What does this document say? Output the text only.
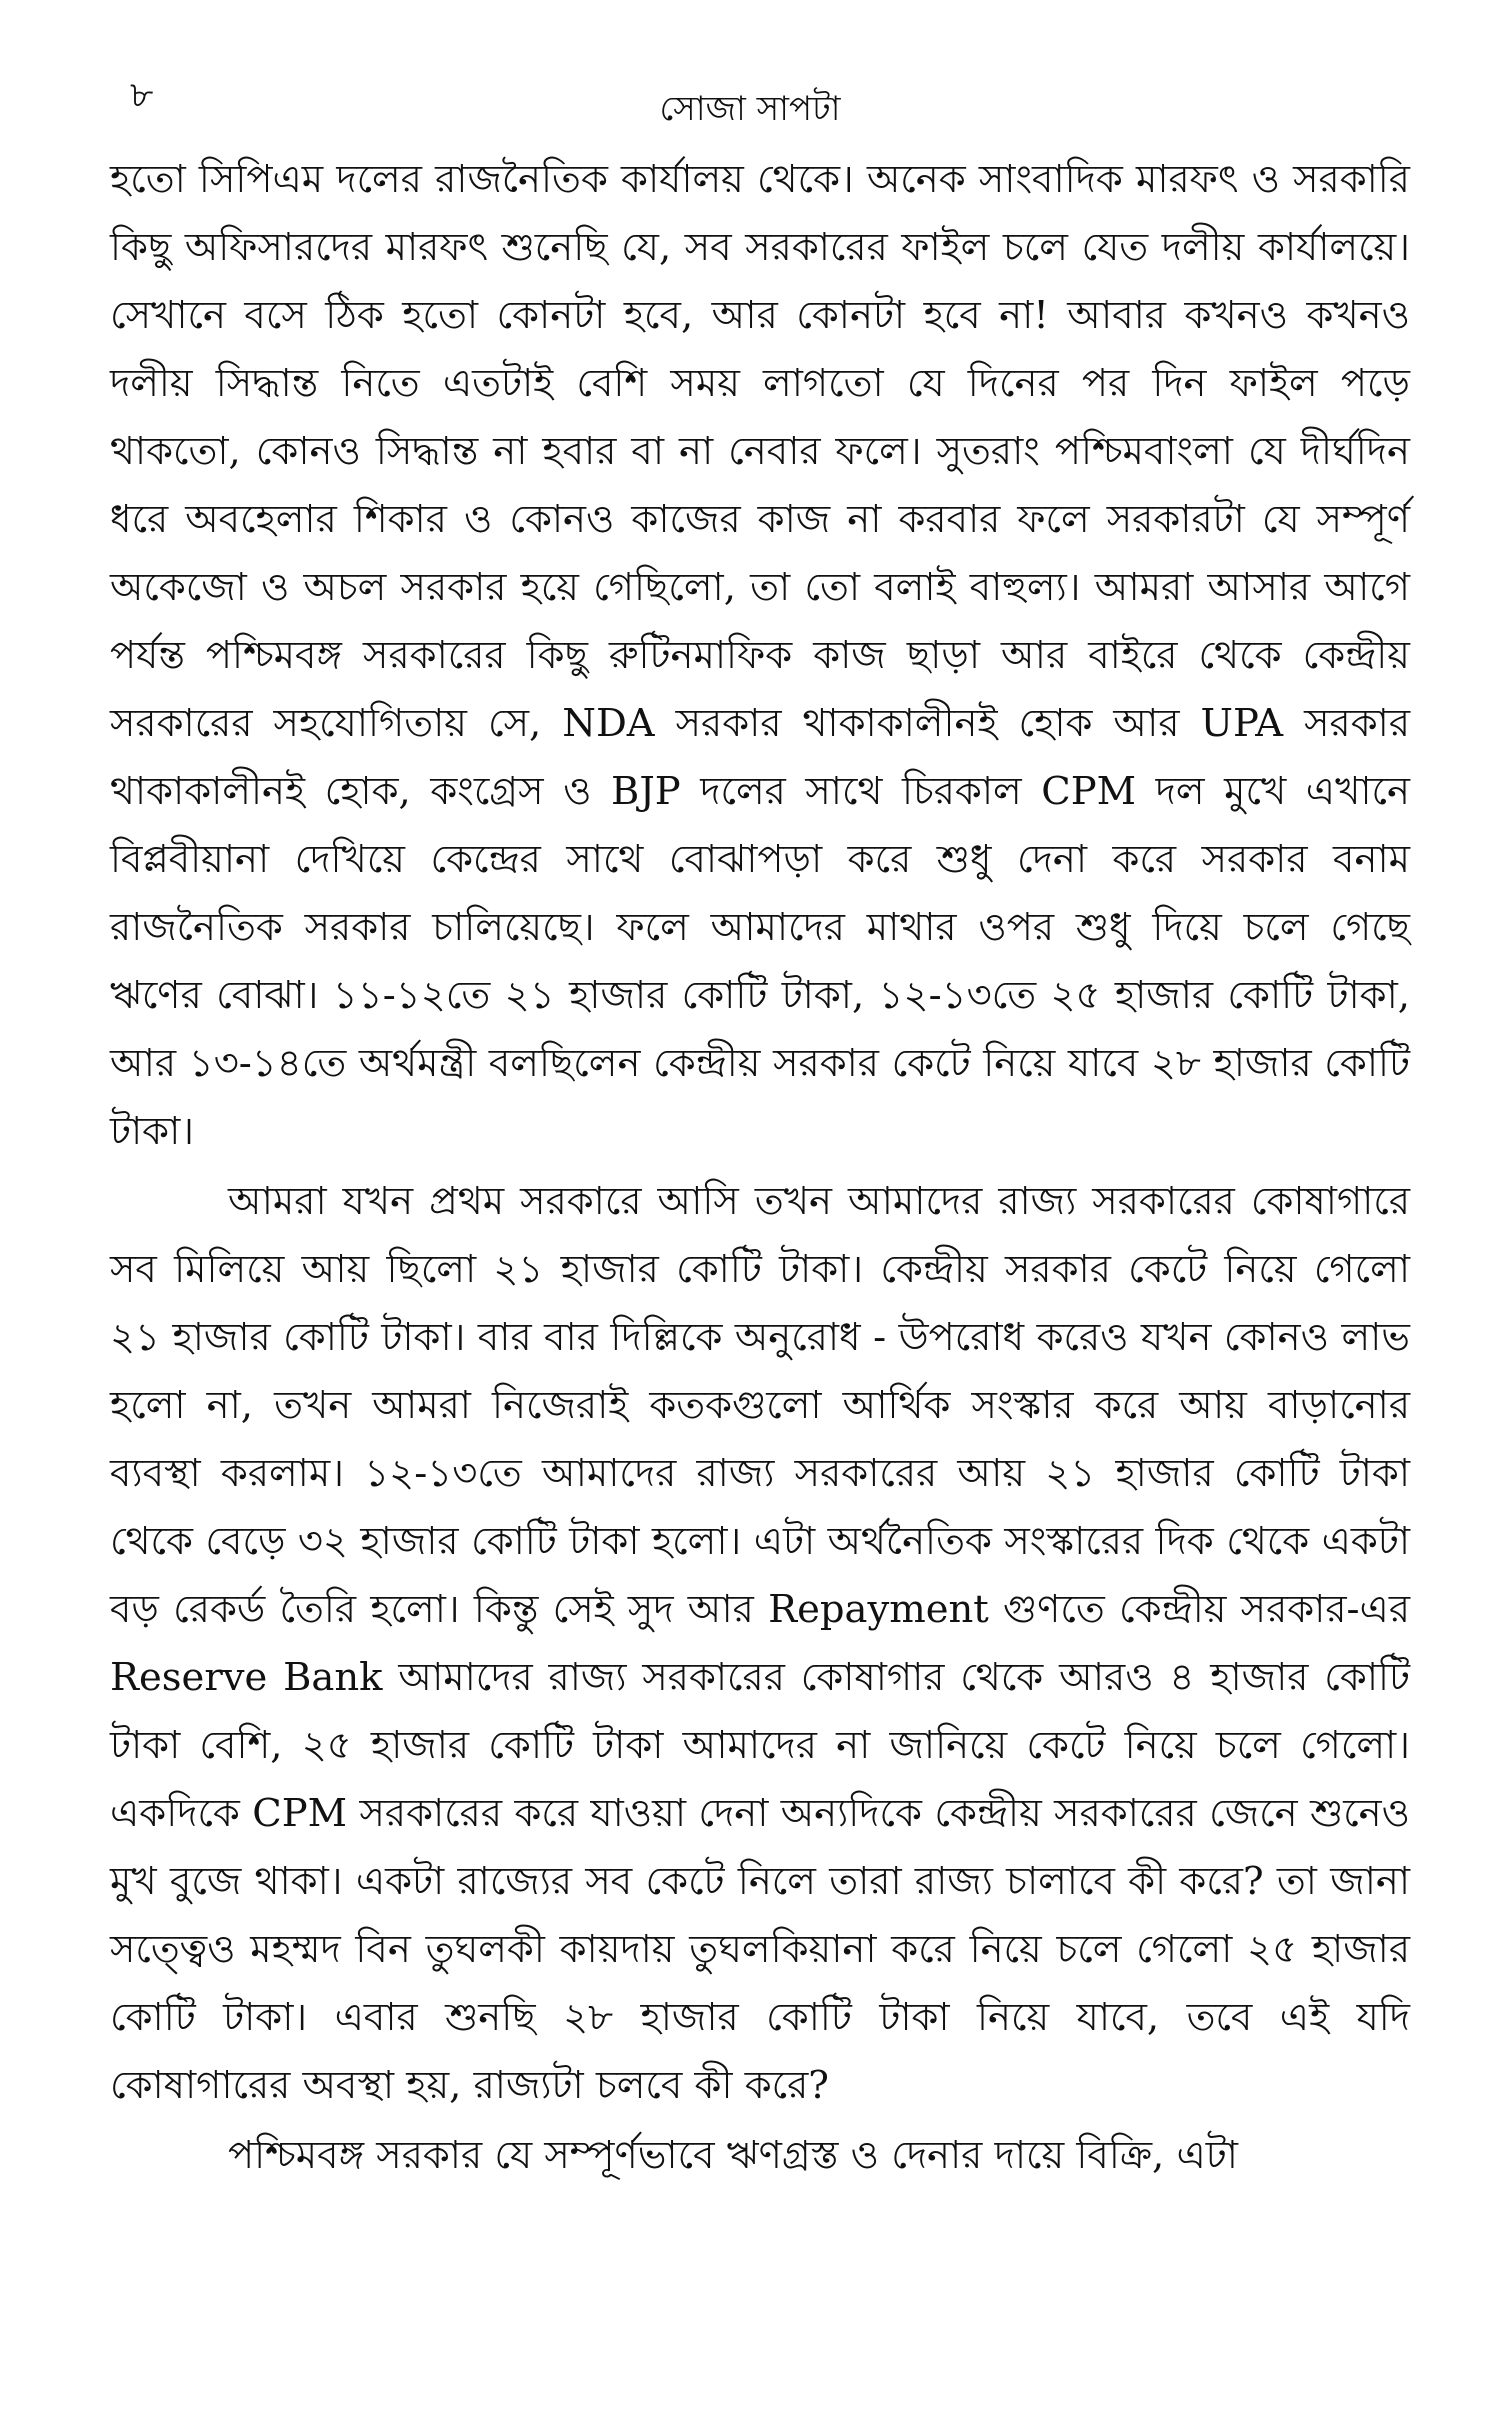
৮	সোজা সাপটা

হতো সিপিএম দলের রাজনৈতিক কার্যালয় থেকে। অনেক সাংবাদিক মারফৎ ও সরকারি কিছু অফিসারদের মারফৎ শুনেছি যে, সব সরকারের ফাইল চলে যেত দলীয় কার্যালয়ে। সেখানে বসে ঠিক হতো কোনটা হবে, আর কোনটা হবে না! আবার কখনও কখনও দলীয় সিদ্ধান্ত নিতে এতটাই বেশি সময় লাগতো যে দিনের পর দিন ফাইল পড়ে থাকতো, কোনও সিদ্ধান্ত না হবার বা না নেবার ফলে। সুতরাং পশ্চিমবাংলা যে দীর্ঘদিন ধরে অবহেলার শিকার ও কোনও কাজের কাজ না করবার ফলে সরকারটা যে সম্পূর্ণ অকেজো ও অচল সরকার হয়ে গেছিলো, তা তো বলাই বাহুল্য। আমরা আসার আগে পর্যন্ত পশ্চিমবঙ্গ সরকারের কিছু রুটিনমাফিক কাজ ছাড়া আর বাইরে থেকে কেন্দ্রীয় সরকারের সহযোগিতায় সে, NDA সরকার থাকাকালীনই হোক আর UPA সরকার থাকাকালীনই হোক, কংগ্রেস ও BJP দলের সাথে চিরকাল CPM দল মুখে এখানে বিপ্লবীয়ানা দেখিয়ে কেন্দ্রের সাথে বোঝাপড়া করে শুধু দেনা করে সরকার বনাম রাজনৈতিক সরকার চালিয়েছে। ফলে আমাদের মাথার ওপর শুধু দিয়ে চলে গেছে ঋণের বোঝা। ১১-১২তে ২১ হাজার কোটি টাকা, ১২-১৩তে ২৫ হাজার কোটি টাকা, আর ১৩-১৪তে অর্থমন্ত্রী বলছিলেন কেন্দ্রীয় সরকার কেটে নিয়ে যাবে ২৮ হাজার কোটি টাকা।

আমরা যখন প্রথম সরকারে আসি তখন আমাদের রাজ্য সরকারের কোষাগারে সব মিলিয়ে আয় ছিলো ২১ হাজার কোটি টাকা। কেন্দ্রীয় সরকার কেটে নিয়ে গেলো ২১ হাজার কোটি টাকা। বার বার দিল্লিকে অনুরোধ - উপরোধ করেও যখন কোনও লাভ হলো না, তখন আমরা নিজেরাই কতকগুলো আর্থিক সংস্কার করে আয় বাড়ানোর ব্যবস্থা করলাম। ১২-১৩তে আমাদের রাজ্য সরকারের আয় ২১ হাজার কোটি টাকা থেকে বেড়ে ৩২ হাজার কোটি টাকা হলো। এটা অর্থনৈতিক সংস্কারের দিক থেকে একটা বড় রেকর্ড তৈরি হলো। কিন্তু সেই সুদ আর Repayment গুণতে কেন্দ্রীয় সরকার-এর Reserve Bank আমাদের রাজ্য সরকারের কোষাগার থেকে আরও ৪ হাজার কোটি টাকা বেশি, ২৫ হাজার কোটি টাকা আমাদের না জানিয়ে কেটে নিয়ে চলে গেলো। একদিকে CPM সরকারের করে যাওয়া দেনা অন্যদিকে কেন্দ্রীয় সরকারের জেনে শুনেও মুখ বুজে থাকা। একটা রাজ্যের সব কেটে নিলে তারা রাজ্য চালাবে কী করে? তা জানা সত্ত্বেও মহম্মদ বিন তুঘলকী কায়দায় তুঘলকিয়ানা করে নিয়ে চলে গেলো ২৫ হাজার কোটি টাকা। এবার শুনছি ২৮ হাজার কোটি টাকা নিয়ে যাবে, তবে এই যদি কোষাগারের অবস্থা হয়, রাজ্যটা চলবে কী করে?

পশ্চিমবঙ্গ সরকার যে সম্পূর্ণভাবে ঋণগ্রস্ত ও দেনার দায়ে বিক্রি, এটা
